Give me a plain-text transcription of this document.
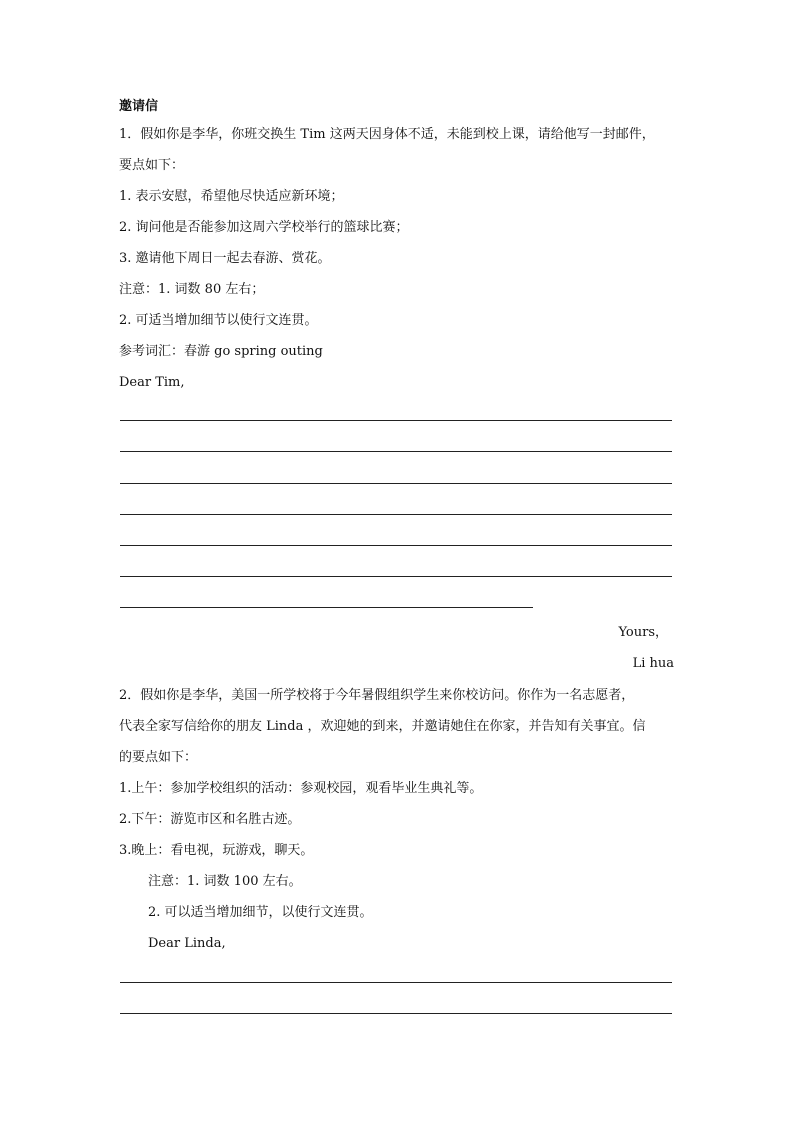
邀请信
1．假如你是李华，你班交换生 Tim 这两天因身体不适，未能到校上课，请给他写一封邮件，
要点如下：
1. 表示安慰，希望他尽快适应新环境；
2. 询问他是否能参加这周六学校举行的篮球比赛；
3. 邀请他下周日一起去春游、赏花。
注意：1. 词数 80 左右；
2. 可适当增加细节以使行文连贯。
参考词汇：春游 go spring outing
Dear Tim,
Yours，
Li hua
2．假如你是李华，美国一所学校将于今年暑假组织学生来你校访问。你作为一名志愿者，
代表全家写信给你的朋友 Linda ，欢迎她的到来，并邀请她住在你家，并告知有关事宜。信
的要点如下：
1.上午：参加学校组织的活动：参观校园，观看毕业生典礼等。
2.下午：游览市区和名胜古迹。
3.晚上：看电视，玩游戏，聊天。
注意：1. 词数 100 左右。
2. 可以适当增加细节，以使行文连贯。
Dear Linda,
